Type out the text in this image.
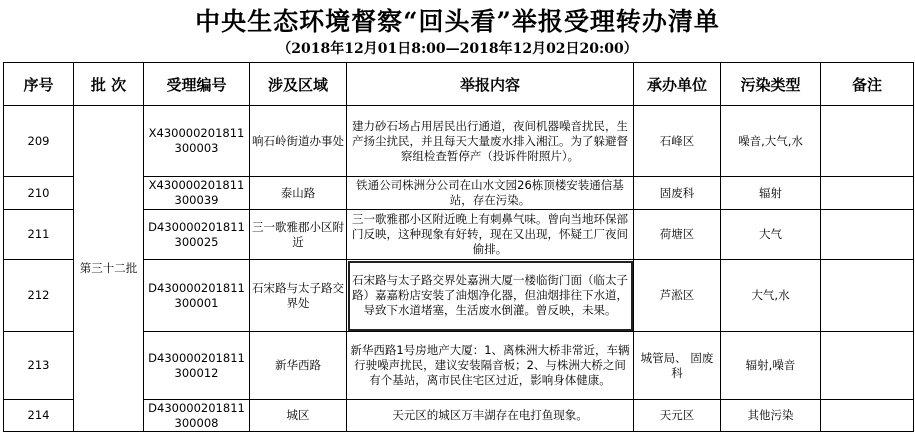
中央生态环境督察“回头看”举报受理转办清单
（2018年12月01日8:00—2018年12月02日20:00）
序号	批 次	受理编号	涉及区域	举报内容	承办单位	污染类型	备注
209	第三十二批	X430000201811300003	响石岭街道办事处	建力砂石场占用居民出行通道，夜间机器噪音扰民，生产扬尘扰民，并且每天大量废水排入湘江。为了躲避督察组检查暂停产（投诉件附照片）。	石峰区	噪音,大气,水	
210		X430000201811300039	泰山路	铁通公司株洲分公司在山水文园26栋顶楼安装通信基站，存在污染。	固废科	辐射	
211		D430000201811300025	三一歌雅郡小区附近	三一歌雅郡小区附近晚上有刺鼻气味。曾向当地环保部门反映，这种现象有好转，现在又出现，怀疑工厂夜间偷排。	荷塘区	大气	
212		D430000201811300001	石宋路与太子路交界处	石宋路与太子路交界处嘉洲大厦一楼临街门面（临太子路）嘉嘉粉店安装了油烟净化器，但油烟排往下水道，导致下水道堵塞，生活废水倒灌。曾反映，未果。	芦淞区	大气,水	
213		D430000201811300012	新华西路	新华西路1号房地产大厦：1、离株洲大桥非常近，车辆行驶噪声扰民，建议安装隔音板；2、与株洲大桥之间有个基站，离市民住宅区过近，影响身体健康。	城管局、 固废科	辐射,噪音	
214		D430000201811300008	城区	天元区的城区万丰湖存在电打鱼现象。	天元区	其他污染	
